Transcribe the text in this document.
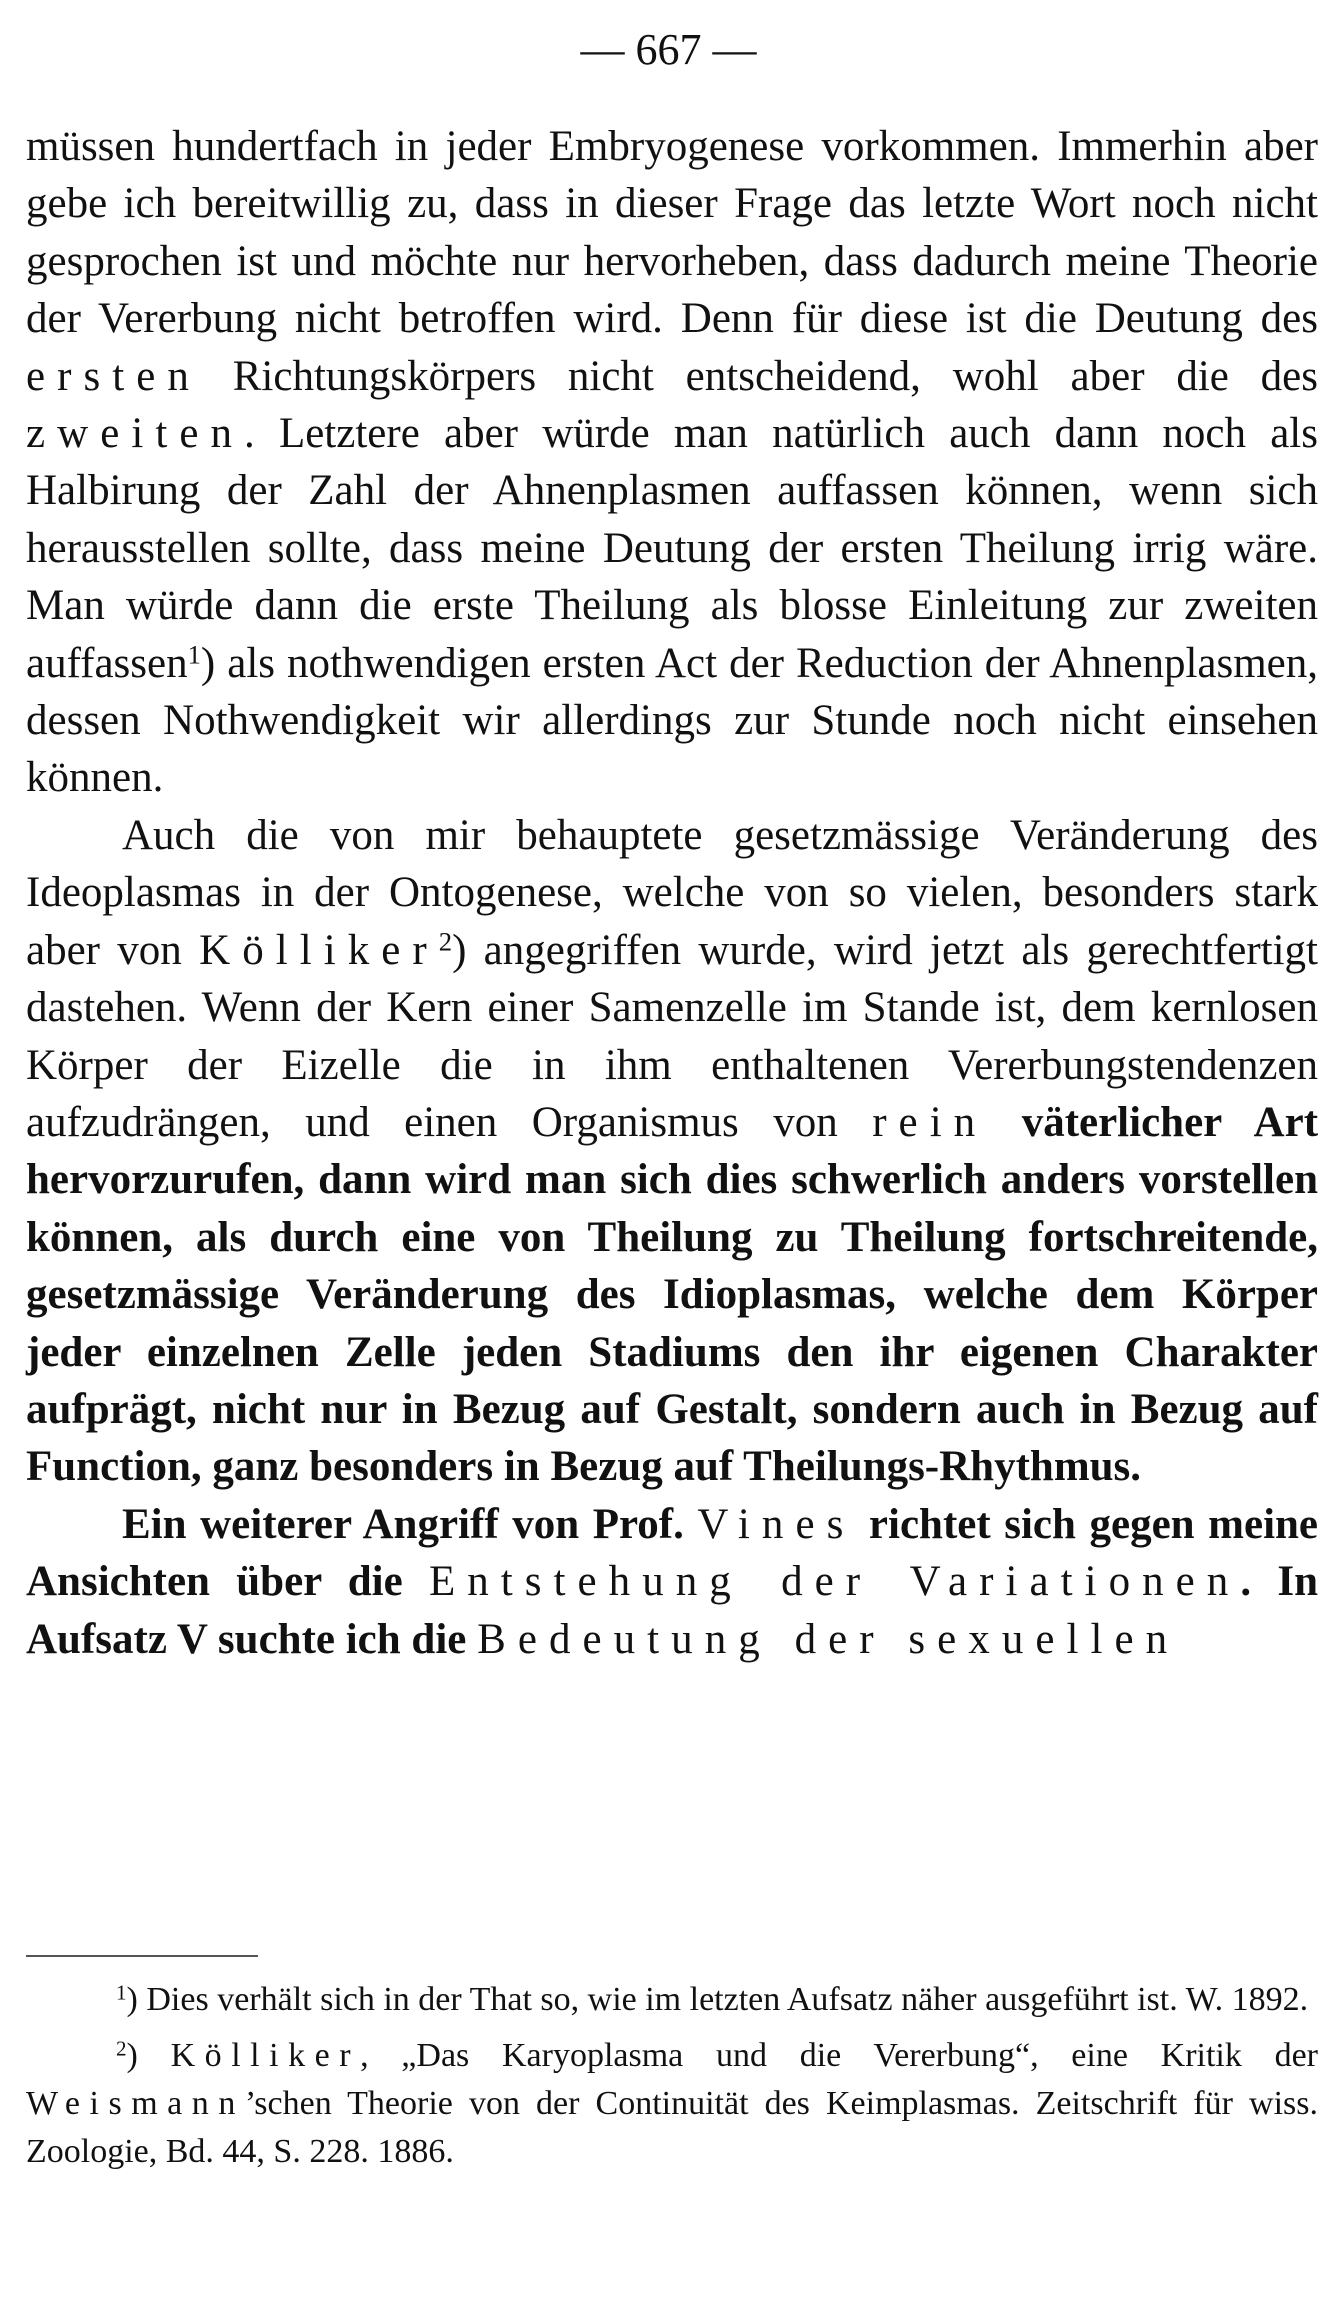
— 667 —

müssen hundertfach in jeder Embryogenese vorkommen. Immerhin aber gebe ich bereitwillig zu, dass in dieser Frage das letzte Wort noch nicht gesprochen ist und möchte nur hervorheben, dass dadurch meine Theorie der Vererbung nicht betroffen wird. Denn für diese ist die Deutung des ersten Richtungskörpers nicht entscheidend, wohl aber die des zweiten. Letztere aber würde man natürlich auch dann noch als Halbirung der Zahl der Ahnenplasmen auffassen können, wenn sich herausstellen sollte, dass meine Deutung der ersten Theilung irrig wäre. Man würde dann die erste Theilung als blosse Einleitung zur zweiten auffassen$^1$) als nothwendigen ersten Act der Reduction der Ahnenplasmen, dessen Nothwendigkeit wir allerdings zur Stunde noch nicht einsehen können.

Auch die von mir behauptete gesetzmässige Veränderung des Ideoplasmas in der Ontogenese, welche von so vielen, besonders stark aber von Kölliker$^2$) angegriffen wurde, wird jetzt als gerechtfertigt dastehen. Wenn der Kern einer Samenzelle im Stande ist, dem kernlosen Körper der Eizelle die in ihm enthaltenen Vererbungstendenzen aufzudrängen, und einen Organismus von rein väterlicher Art hervorzurufen, dann wird man sich dies schwerlich anders vorstellen können, als durch eine von Theilung zu Theilung fortschreitende, gesetzmässige Veränderung des Idioplasmas, welche dem Körper jeder einzelnen Zelle jeden Stadiums den ihr eigenen Charakter aufprägt, nicht nur in Bezug auf Gestalt, sondern auch in Bezug auf Function, ganz besonders in Bezug auf Theilungs-Rhythmus.

Ein weiterer Angriff von Prof. Vines richtet sich gegen meine Ansichten über die Entstehung der Variationen. In Aufsatz V suchte ich die Bedeutung der sexuellen

$^1$) Dies verhält sich in der That so, wie im letzten Aufsatz näher ausgeführt ist. W. 1892.

$^2$) Kölliker, „Das Karyoplasma und die Vererbung“, eine Kritik der Weismann’schen Theorie von der Continuität des Keimplasmas. Zeitschrift für wiss. Zoologie, Bd. 44, S. 228. 1886.
